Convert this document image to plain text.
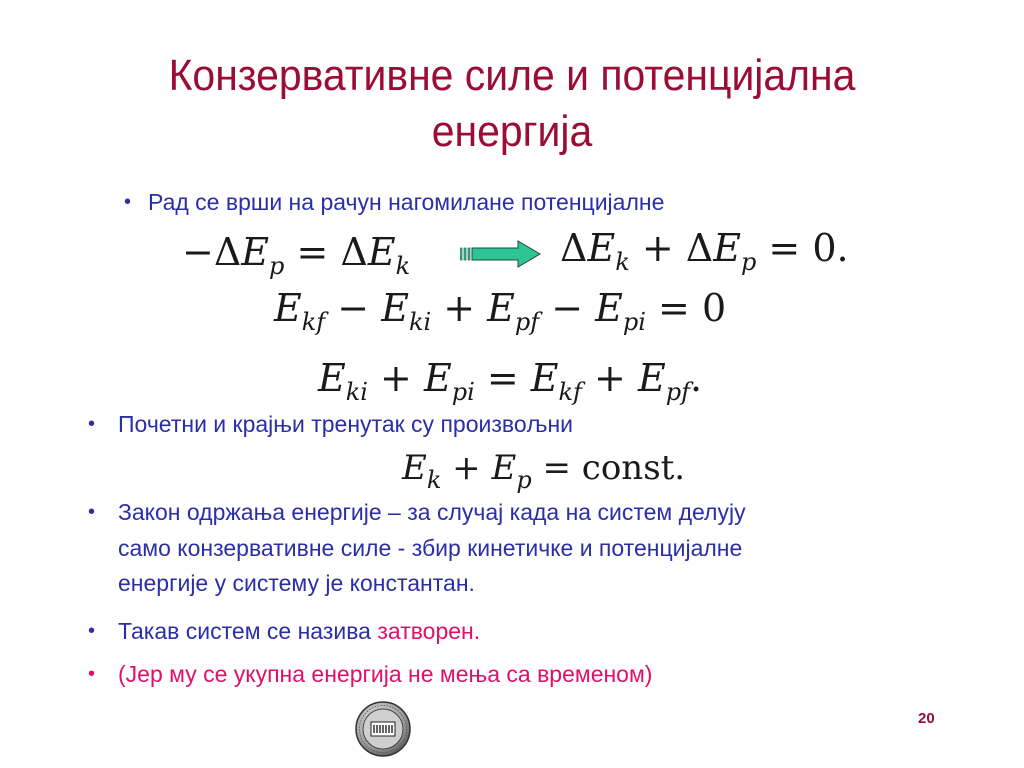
Конзервативне силе и потенцијална
енергија
• Рад се врши на рачун нагомилане потенцијалне
$-\Delta E_p = \Delta E_k$	$\Delta E_k + \Delta E_p = 0$.
$E_{kf} - E_{ki} + E_{pf} - E_{pi} = 0$
$E_{ki} + E_{pi} = E_{kf} + E_{pf}$.
• Почетни и крајњи тренутак су произвољни
$E_k + E_p$ = const.
• Закон одржања енергије – за случај када на систем делују
само конзервативне силе - збир кинетичке и потенцијалне
енергије у систему је константан.
• Такав систем се назива затворен.
• (Јер му се укупна енергија не мења са временом)
20
